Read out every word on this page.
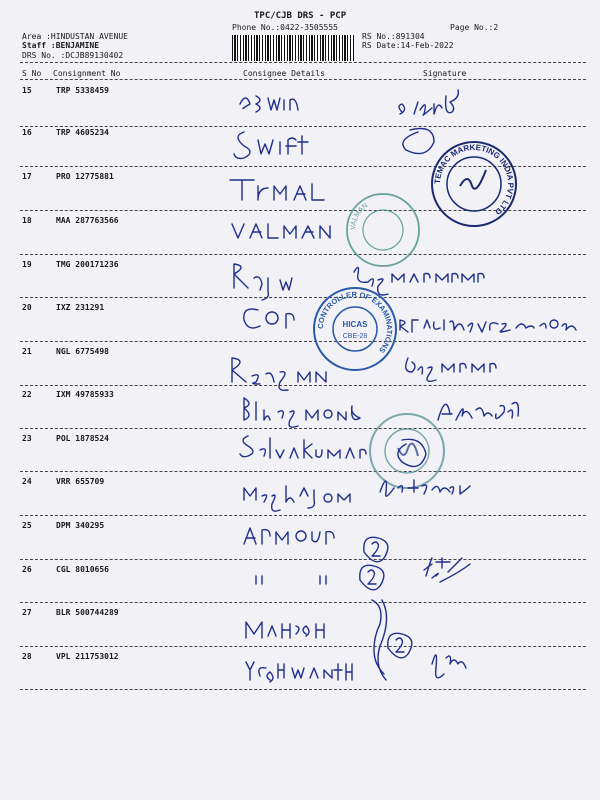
TPC/CJB DRS - PCP
Phone No.:0422-3505555	Page No.:2
Area :HINDUSTAN AVENUE
Staff :BENJAMINE
DRS No. :DCJB89130402
RS No.:891304
RS Date:14-Feb-2022
S No Consignment No	Consignee Details	Signature
15	TRP 5338459
16	TRP 4605234
17	PRO 12775881
18	MAA 287763566
19	TMG 200171236
20	IXZ 231291
21	NGL 6775498
22	IXM 49785933
23	POL 1878524
24	VRR 655709
25	DPM 340295
26	CGL 8010656
27	BLR 500744289
28	VPL 211753012
TEMAC MARKETING INDIA PVT LTD
VALMAN
CONTROLLER OF EXAMINATIONS
HICAS
CBE-28
